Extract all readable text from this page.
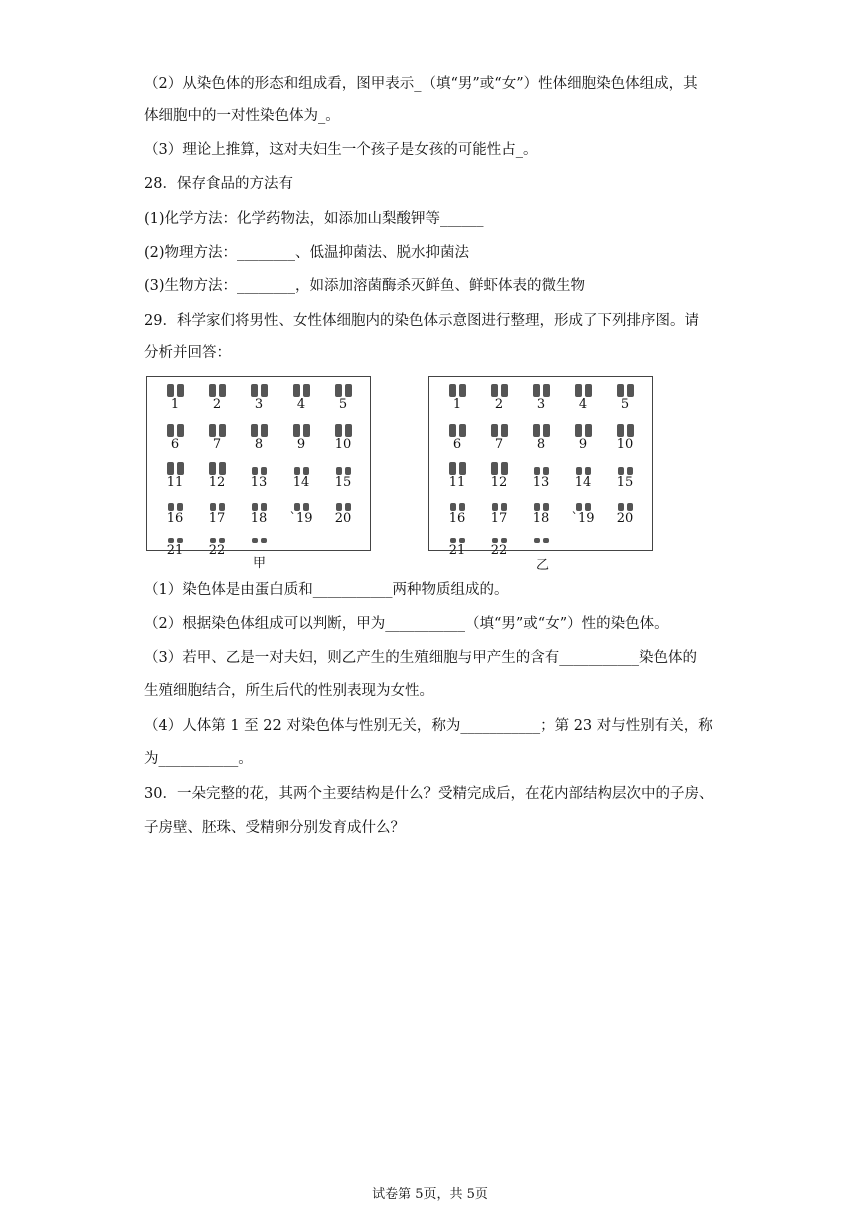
（2）从染色体的形态和组成看，图甲表示_（填“男”或“女”）性体细胞染色体组成，其
体细胞中的一对性染色体为_。
（3）理论上推算，这对夫妇生一个孩子是女孩的可能性占_。
28．保存食品的方法有
(1)化学方法：化学药物法，如添加山梨酸钾等______
(2)物理方法：________、低温抑菌法、脱水抑菌法
(3)生物方法：________，如添加溶菌酶杀灭鲜鱼、鲜虾体表的微生物
29．科学家们将男性、女性体细胞内的染色体示意图进行整理，形成了下列排序图。请
分析并回答：
（1）染色体是由蛋白质和___________两种物质组成的。
（2）根据染色体组成可以判断，甲为___________（填“男”或“女”）性的染色体。
（3）若甲、乙是一对夫妇，则乙产生的生殖细胞与甲产生的含有___________染色体的
生殖细胞结合，所生后代的性别表现为女性。
（4）人体第 1 至 22 对染色体与性别无关，称为___________；第 23 对与性别有关，称
为___________。
30．一朵完整的花，其两个主要结构是什么？受精完成后，在花内部结构层次中的子房、
子房壁、胚珠、受精卵分别发育成什么？
1	2	3	4	5
6	7	8	9	10
11	12	13	14	15
16	17	18	`19	20
21	22
甲
1	2	3	4	5
6	7	8	9	10
11	12	13	14	15
16	17	18	`19	20
21	22
乙
试卷第 5页，共 5页
